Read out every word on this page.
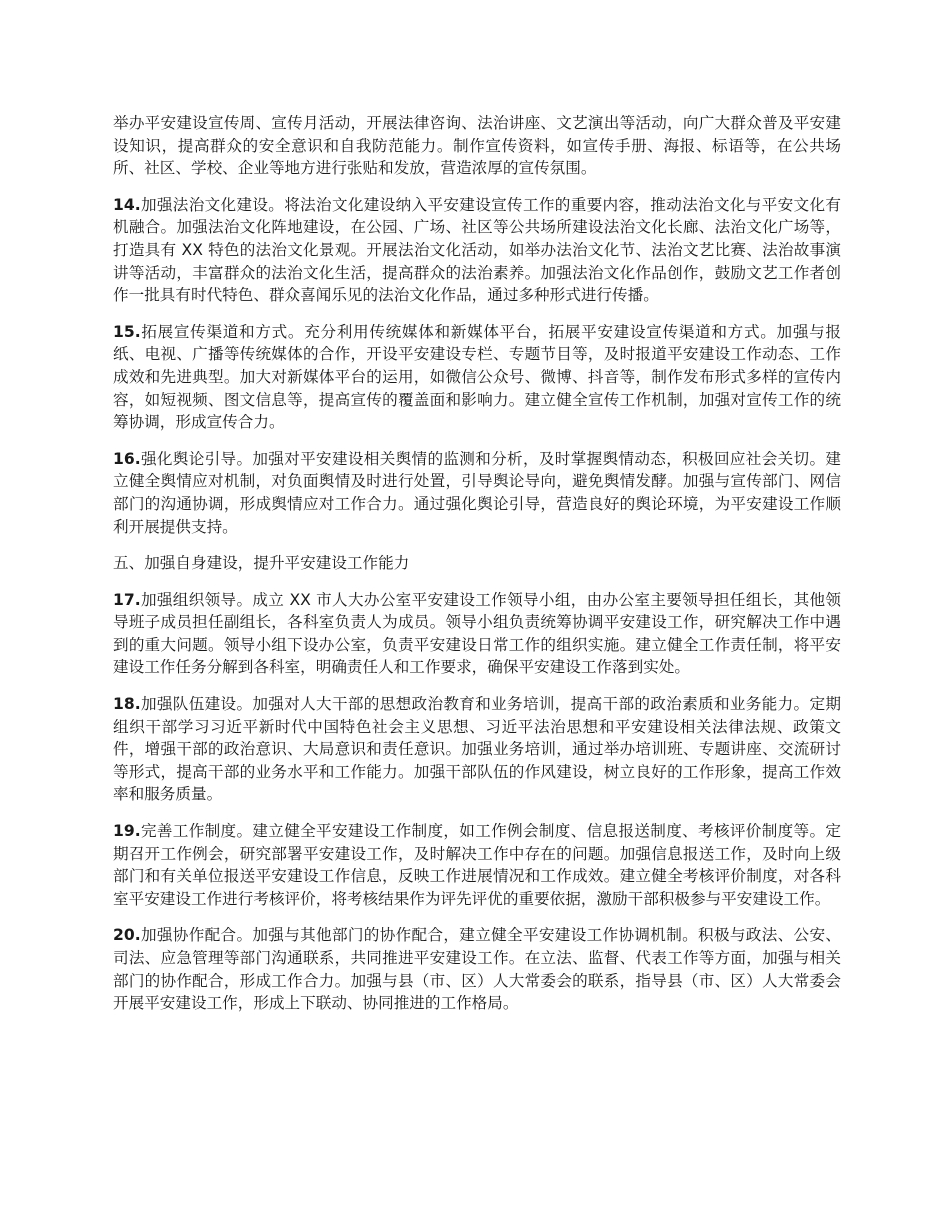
举办平安建设宣传周、宣传月活动，开展法律咨询、法治讲座、文艺演出等活动，向广大群众普及平安建设知识，提高群众的安全意识和自我防范能力。制作宣传资料，如宣传手册、海报、标语等，在公共场所、社区、学校、企业等地方进行张贴和发放，营造浓厚的宣传氛围。

14.加强法治文化建设。将法治文化建设纳入平安建设宣传工作的重要内容，推动法治文化与平安文化有机融合。加强法治文化阵地建设，在公园、广场、社区等公共场所建设法治文化长廊、法治文化广场等，打造具有 XX 特色的法治文化景观。开展法治文化活动，如举办法治文化节、法治文艺比赛、法治故事演讲等活动，丰富群众的法治文化生活，提高群众的法治素养。加强法治文化作品创作，鼓励文艺工作者创作一批具有时代特色、群众喜闻乐见的法治文化作品，通过多种形式进行传播。

15.拓展宣传渠道和方式。充分利用传统媒体和新媒体平台，拓展平安建设宣传渠道和方式。加强与报纸、电视、广播等传统媒体的合作，开设平安建设专栏、专题节目等，及时报道平安建设工作动态、工作成效和先进典型。加大对新媒体平台的运用，如微信公众号、微博、抖音等，制作发布形式多样的宣传内容，如短视频、图文信息等，提高宣传的覆盖面和影响力。建立健全宣传工作机制，加强对宣传工作的统筹协调，形成宣传合力。

16.强化舆论引导。加强对平安建设相关舆情的监测和分析，及时掌握舆情动态，积极回应社会关切。建立健全舆情应对机制，对负面舆情及时进行处置，引导舆论导向，避免舆情发酵。加强与宣传部门、网信部门的沟通协调，形成舆情应对工作合力。通过强化舆论引导，营造良好的舆论环境，为平安建设工作顺利开展提供支持。

五、加强自身建设，提升平安建设工作能力

17.加强组织领导。成立 XX 市人大办公室平安建设工作领导小组，由办公室主要领导担任组长，其他领导班子成员担任副组长，各科室负责人为成员。领导小组负责统筹协调平安建设工作，研究解决工作中遇到的重大问题。领导小组下设办公室，负责平安建设日常工作的组织实施。建立健全工作责任制，将平安建设工作任务分解到各科室，明确责任人和工作要求，确保平安建设工作落到实处。

18.加强队伍建设。加强对人大干部的思想政治教育和业务培训，提高干部的政治素质和业务能力。定期组织干部学习习近平新时代中国特色社会主义思想、习近平法治思想和平安建设相关法律法规、政策文件，增强干部的政治意识、大局意识和责任意识。加强业务培训，通过举办培训班、专题讲座、交流研讨等形式，提高干部的业务水平和工作能力。加强干部队伍的作风建设，树立良好的工作形象，提高工作效率和服务质量。

19.完善工作制度。建立健全平安建设工作制度，如工作例会制度、信息报送制度、考核评价制度等。定期召开工作例会，研究部署平安建设工作，及时解决工作中存在的问题。加强信息报送工作，及时向上级部门和有关单位报送平安建设工作信息，反映工作进展情况和工作成效。建立健全考核评价制度，对各科室平安建设工作进行考核评价，将考核结果作为评先评优的重要依据，激励干部积极参与平安建设工作。

20.加强协作配合。加强与其他部门的协作配合，建立健全平安建设工作协调机制。积极与政法、公安、司法、应急管理等部门沟通联系，共同推进平安建设工作。在立法、监督、代表工作等方面，加强与相关部门的协作配合，形成工作合力。加强与县（市、区）人大常委会的联系，指导县（市、区）人大常委会开展平安建设工作，形成上下联动、协同推进的工作格局。
